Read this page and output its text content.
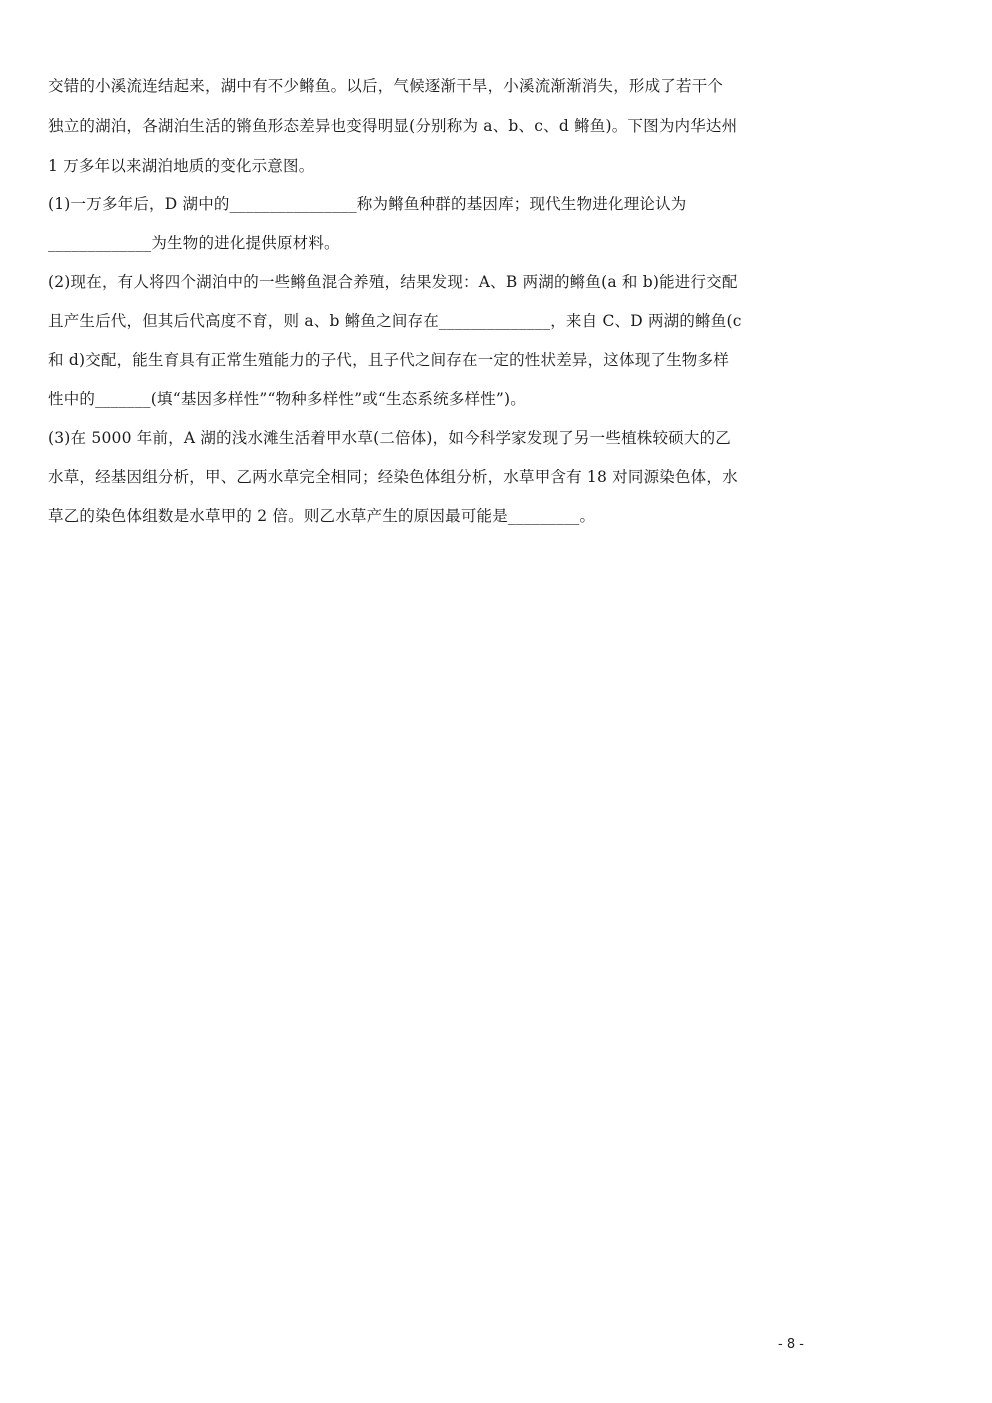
交错的小溪流连结起来，湖中有不少鳉鱼。以后，气候逐渐干旱，小溪流渐渐消失，形成了若干个
独立的湖泊，各湖泊生活的锵鱼形态差异也变得明显(分别称为 a、b、c、d 鳉鱼)。下图为内华达州
1 万多年以来湖泊地质的变化示意图。
(1)一万多年后，D 湖中的________________称为鳉鱼种群的基因库；现代生物进化理论认为
_____________为生物的进化提供原材料。
(2)现在，有人将四个湖泊中的一些鳉鱼混合养殖，结果发现：A、B 两湖的鳉鱼(a 和 b)能进行交配
且产生后代，但其后代高度不育，则 a、b 鳉鱼之间存在______________，来自 C、D 两湖的鳉鱼(c
和 d)交配，能生育具有正常生殖能力的子代，且子代之间存在一定的性状差异，这体现了生物多样
性中的_______(填“基因多样性”“物种多样性”或“生态系统多样性”)。
(3)在 5000 年前，A 湖的浅水滩生活着甲水草(二倍体)，如今科学家发现了另一些植株较硕大的乙
水草，经基因组分析，甲、乙两水草完全相同；经染色体组分析，水草甲含有 18 对同源染色体，水
草乙的染色体组数是水草甲的 2 倍。则乙水草产生的原因最可能是_________。
- 8 -
